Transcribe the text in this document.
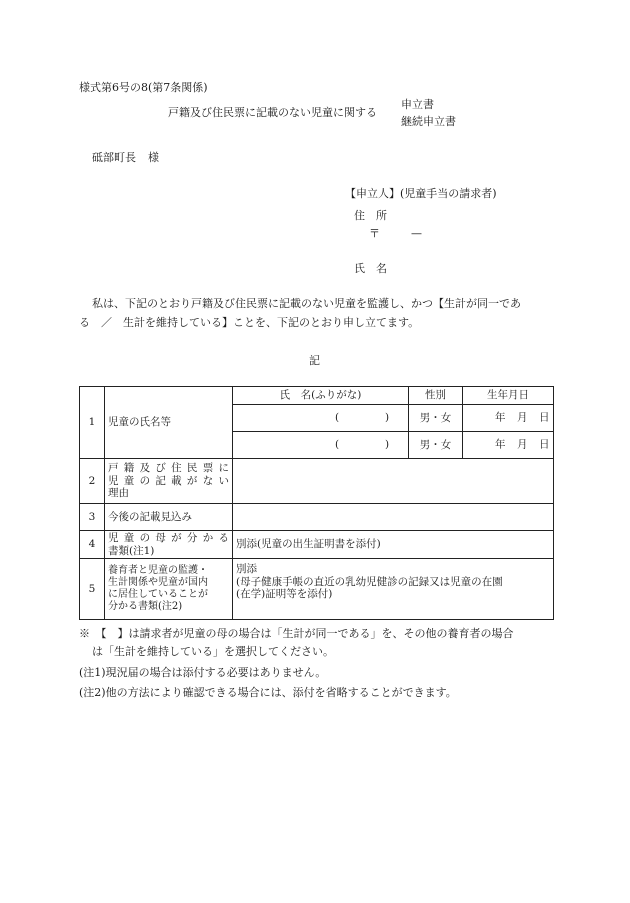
様式第6号の8(第7条関係)
戸籍及び住民票に記載のない児童に関する
申立書
継続申立書
砥部町長 様
【申立人】(児童手当の請求者)
住　所
〒	—
氏　名
私は、下記のとおり戸籍及び住民票に記載のない児童を監護し、かつ【生計が同一であ
る　／　生計を維持している】ことを、下記のとおり申し立てます。
記
1	児童の氏名等	氏　名(ふりがな)	性別	生年月日

		( )	男・女	年 月 日

		( )	男・女	年 月 日

2	戸籍及び住民票に
児童の記載がない
理由			
3	今後の記載見込み			
4	児童の母が分かる
書類(注1)	別添(児童の出生証明書を添付)		
5	養育者と児童の監護・
生計関係や児童が国内
に居住していることが
分かる書類(注2)	別添
(母子健康手帳の直近の乳幼児健診の記録又は児童の在園
(在学)証明等を添付)		
※　【　】は請求者が児童の母の場合は「生計が同一である」を、その他の養育者の場合
は「生計を維持している」を選択してください。
(注1)現況届の場合は添付する必要はありません。
(注2)他の方法により確認できる場合には、添付を省略することができます。
